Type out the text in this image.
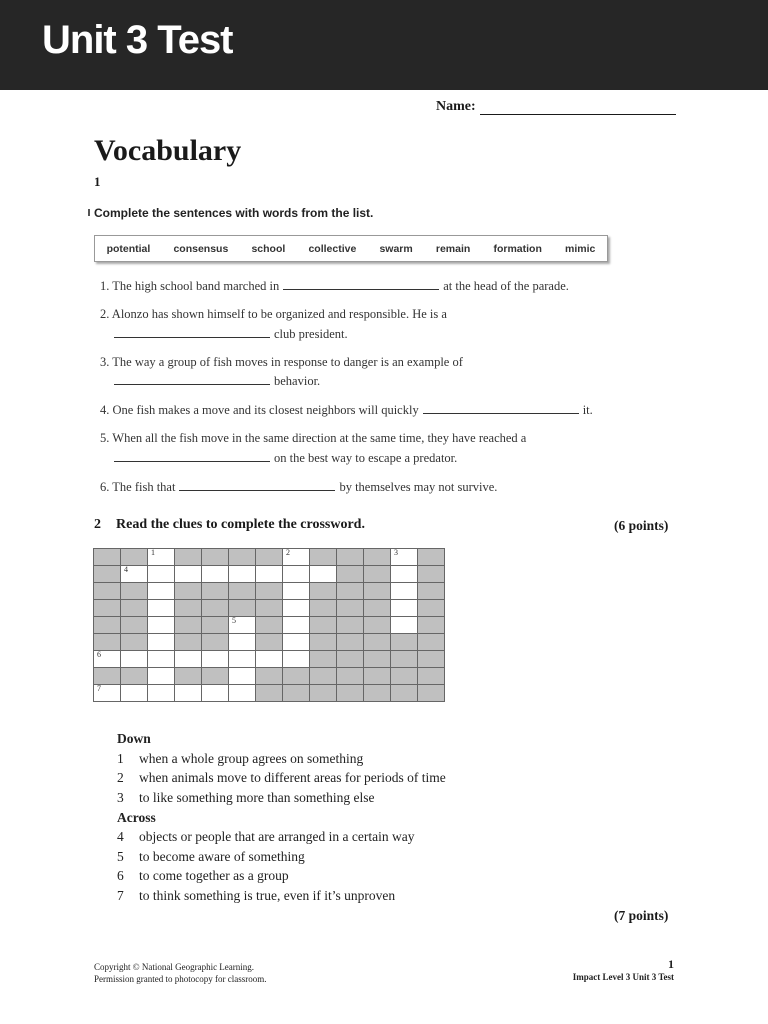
Unit 3 Test
Name:
Vocabulary
1
Complete the sentences with words from the list.
potential consensus school collective swarm remain formation mimic
1. The high school band marched in	at the head of the parade.
2. Alonzo has shown himself to be organized and responsible. He is a
club president.
3. The way a group of fish moves in response to danger is an example of
behavior.
4. One fish makes a move and its closest neighbors will quickly	it.
5. When all the fish move in the same direction at the same time, they have reached a
on the best way to escape a predator.
6. The fish that	by themselves may not survive.
2 Read the clues to complete the crossword.	(6 points)

		1					2				3	

	4											

					5							

6												

7												

Down
1 when a whole group agrees on something
2 when animals move to different areas for periods of time
3 to like something more than something else
Across
4 objects or people that are arranged in a certain way
5 to become aware of something
6 to come together as a group
7 to think something is true, even if it’s unproven
(7 points)
Copyright © National Geographic Learning.
Permission granted to photocopy for classroom.
1
Impact Level 3 Unit 3 Test
